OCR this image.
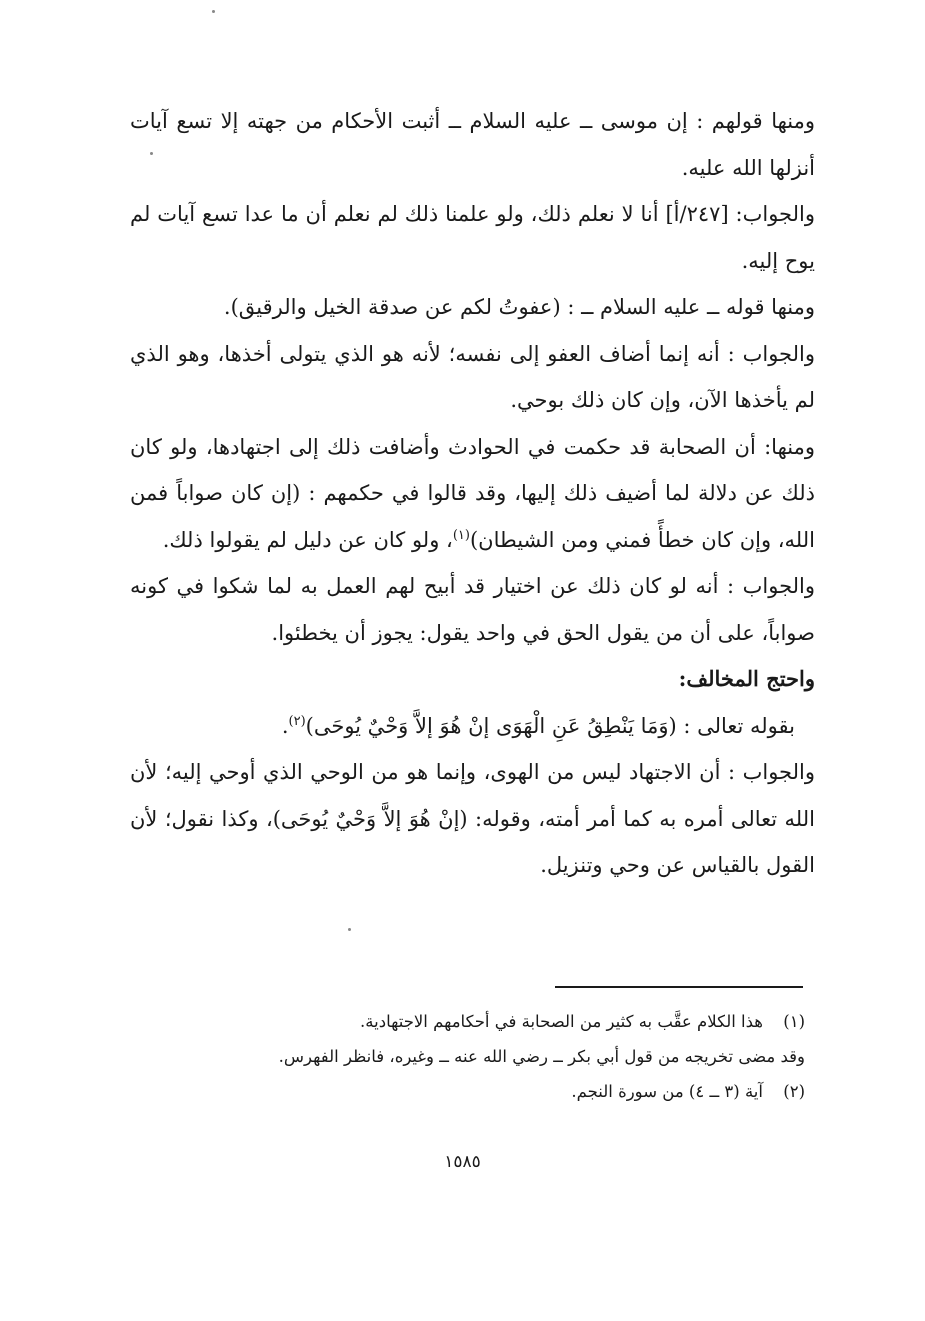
ومنها قولهم : إن موسى ــ عليه السلام ــ أثبت الأحكام من جهته إلا تسع آيات أنزلها الله عليه.

والجواب: [٢٤٧/أ] أنا لا نعلم ذلك، ولو علمنا ذلك لم نعلم أن ما عدا تسع آيات لم يوح إليه.

ومنها قوله ــ عليه السلام ــ : (عفوتُ لكم عن صدقة الخيل والرقيق).

والجواب : أنه إنما أضاف العفو إلى نفسه؛ لأنه هو الذي يتولى أخذها، وهو الذي لم يأخذها الآن، وإن كان ذلك بوحي.

ومنها: أن الصحابة قد حكمت في الحوادث وأضافت ذلك إلى اجتهادها، ولو كان ذلك عن دلالة لما أضيف ذلك إليها، وقد قالوا في حكمهم : (إن كان صواباً فمن الله، وإن كان خطأً فمني ومن الشيطان)$^{(١)}$، ولو كان عن دليل لم يقولوا ذلك.

والجواب : أنه لو كان ذلك عن اختيار قد أبيح لهم العمل به لما شكوا في كونه صواباً، على أن من يقول الحق في واحد يقول: يجوز أن يخطئوا.

واحتج المخالف:

بقوله تعالى : (وَمَا يَنْطِقُ عَنِ الْهَوَى إنْ هُوَ إلاَّ وَحْيٌ يُوحَى)$^{(٢)}$.

والجواب : أن الاجتهاد ليس من الهوى، وإنما هو من الوحي الذي أوحي إليه؛ لأن الله تعالى أمره به كما أمر أمته، وقوله: (إنْ هُوَ إلاَّ وَحْيٌ يُوحَى)، وكذا نقول؛ لأن القول بالقياس عن وحي وتنزيل.

(١)هذا الكلام عقَّب به كثير من الصحابة في أحكامهم الاجتهادية.

وقد مضى تخريجه من قول أبي بكر ــ رضي الله عنه ــ وغيره، فانظر الفهرس.

(٢)آية (٣ ــ ٤) من سورة النجم.

١٥٨٥
